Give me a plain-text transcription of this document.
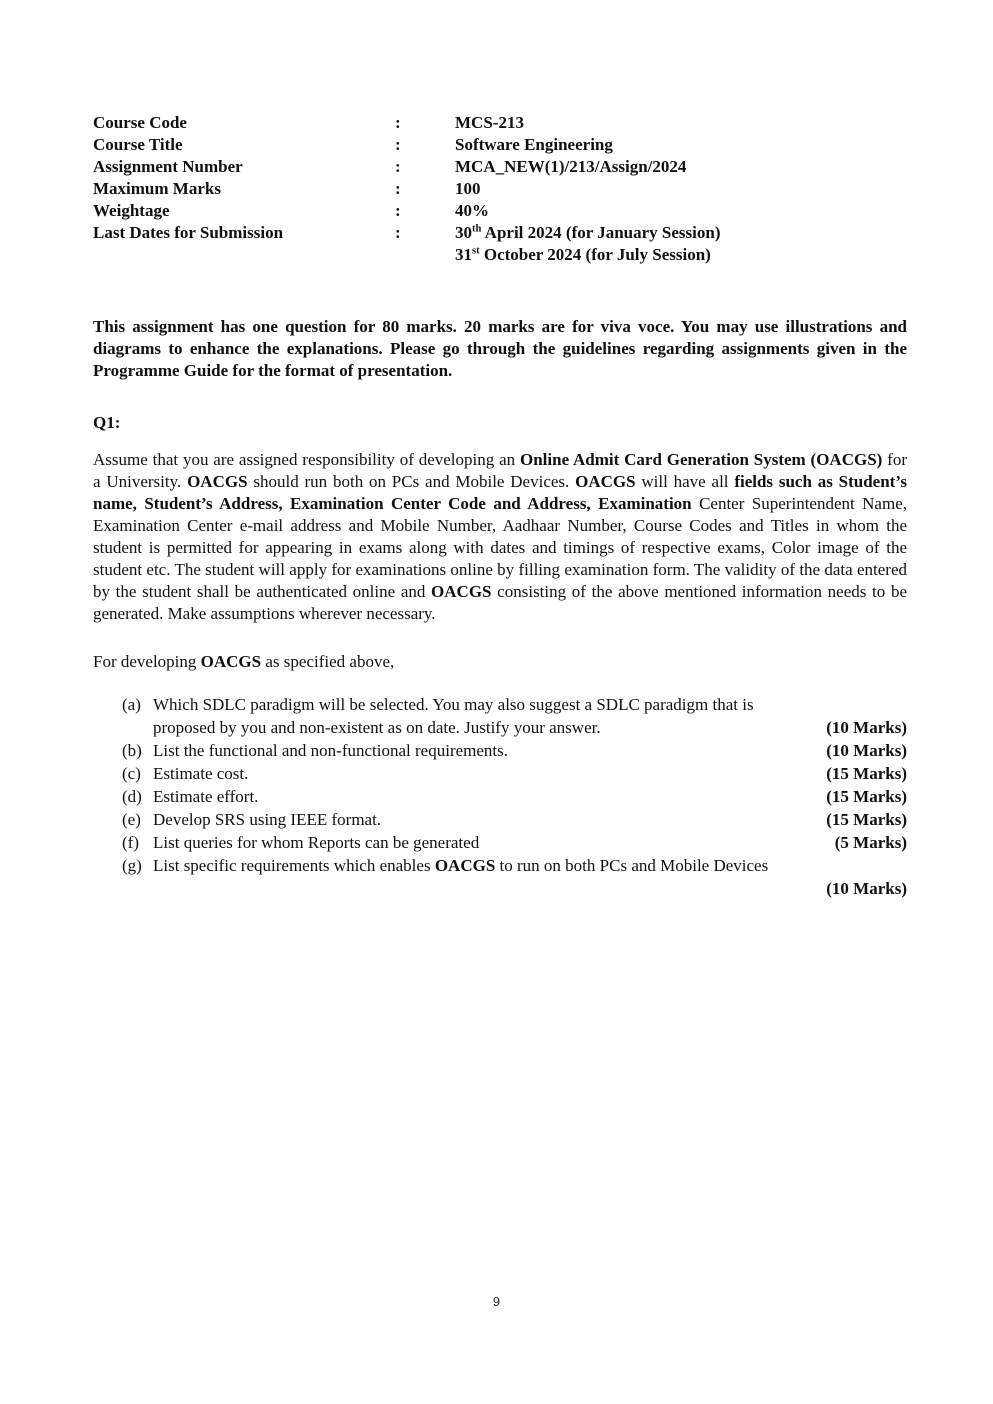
Course Code	:	MCS-213
Course Title	:	Software Engineering
Assignment Number	:	MCA_NEW(1)/213/Assign/2024
Maximum Marks	:	100
Weightage	:	40%
Last Dates for Submission	:	30th April 2024 (for January Session)
31st October 2024 (for July Session)

This assignment has one question for 80 marks. 20 marks are for viva voce. You may use illustrations and diagrams to enhance the explanations. Please go through the guidelines regarding assignments given in the Programme Guide for the format of presentation.

Q1:

Assume that you are assigned responsibility of developing an Online Admit Card Generation System (OACGS) for a University. OACGS should run both on PCs and Mobile Devices. OACGS will have all fields such as Student’s name, Student’s Address, Examination Center Code and Address, Examination Center Superintendent Name, Examination Center e-mail address and Mobile Number, Aadhaar Number, Course Codes and Titles in whom the student is permitted for appearing in exams along with dates and timings of respective exams, Color image of the student etc. The student will apply for examinations online by filling examination form. The validity of the data entered by the student shall be authenticated online and OACGS consisting of the above mentioned information needs to be generated. Make assumptions wherever necessary.

For developing OACGS as specified above,

(a) Which SDLC paradigm will be selected. You may also suggest a SDLC paradigm that is proposed by you and non-existent as on date. Justify your answer.	(10 Marks)
(b) List the functional and non-functional requirements.	(10 Marks)
(c) Estimate cost.	(15 Marks)
(d) Estimate effort.	(15 Marks)
(e) Develop SRS using IEEE format.	(15 Marks)
(f) List queries for whom Reports can be generated	(5 Marks)
(g) List specific requirements which enables OACGS to run on both PCs and Mobile Devices
(10 Marks)
9
